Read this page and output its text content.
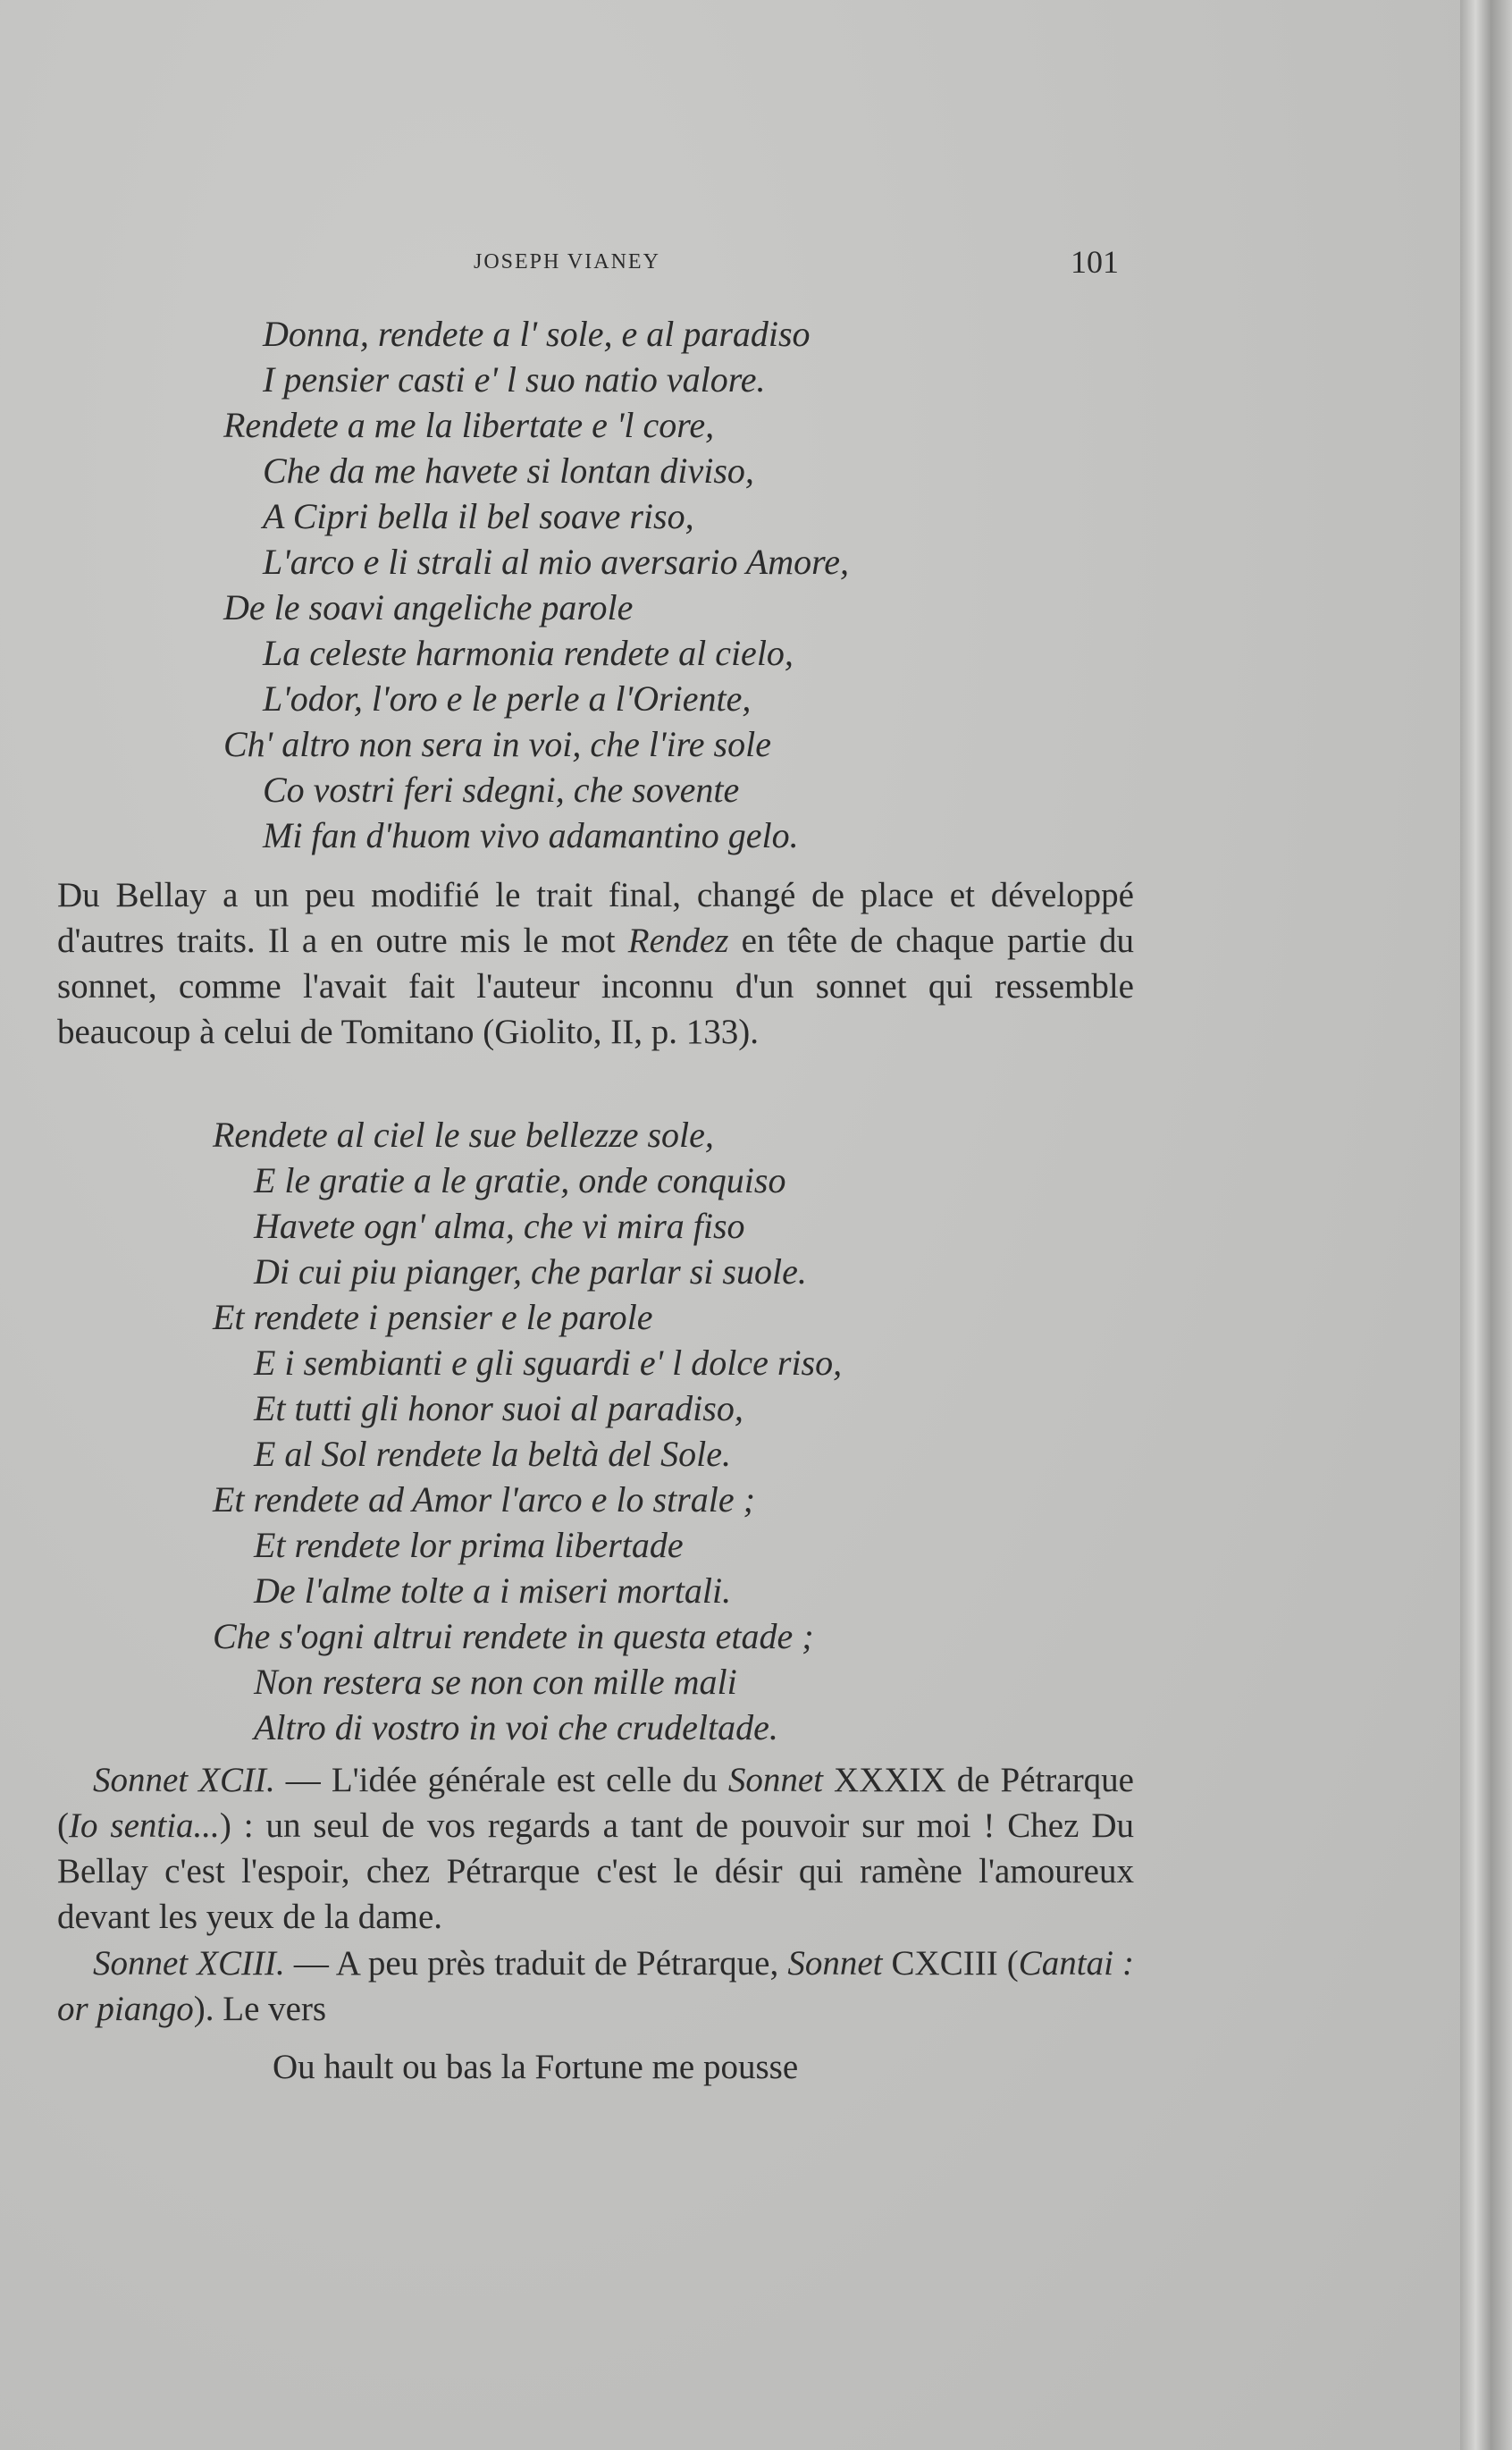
JOSEPH VIANEY	101
Donna, rendete a l' sole, e al paradiso
I pensier casti e' l suo natio valore.
Rendete a me la libertate e 'l core,
Che da me havete si lontan diviso,
A Cipri bella il bel soave riso,
L'arco e li strali al mio aversario Amore,
De le soavi angeliche parole
La celeste harmonia rendete al cielo,
L'odor, l'oro e le perle a l'Oriente,
Ch' altro non sera in voi, che l'ire sole
Co vostri feri sdegni, che sovente
Mi fan d'huom vivo adamantino gelo.

Du Bellay a un peu modifié le trait final, changé de place et développé d'autres traits. Il a en outre mis le mot Rendez en tête de chaque partie du sonnet, comme l'avait fait l'auteur inconnu d'un sonnet qui ressemble beaucoup à celui de Tomitano (Giolito, II, p. 133).

Rendete al ciel le sue bellezze sole,
E le gratie a le gratie, onde conquiso
Havete ogn' alma, che vi mira fiso
Di cui piu pianger, che parlar si suole.
Et rendete i pensier e le parole
E i sembianti e gli sguardi e' l dolce riso,
Et tutti gli honor suoi al paradiso,
E al Sol rendete la beltà del Sole.
Et rendete ad Amor l'arco e lo strale ;
Et rendete lor prima libertade
De l'alme tolte a i miseri mortali.
Che s'ogni altrui rendete in questa etade ;
Non restera se non con mille mali
Altro di vostro in voi che crudeltade.

Sonnet XCII. — L'idée générale est celle du Sonnet XXXIX de Pétrarque (Io sentia...) : un seul de vos regards a tant de pouvoir sur moi ! Chez Du Bellay c'est l'espoir, chez Pétrarque c'est le désir qui ramène l'amoureux devant les yeux de la dame.

Sonnet XCIII. — A peu près traduit de Pétrarque, Sonnet CXCIII (Cantai : or piango). Le vers

Ou hault ou bas la Fortune me pousse
